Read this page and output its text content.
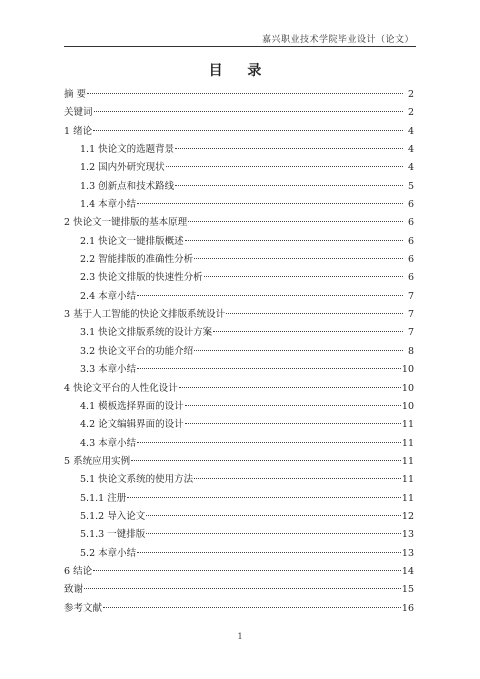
嘉兴职业技术学院毕业设计（论文）
目 录
摘 要	2
关键词	2
1 绪论	4
1.1 快论文的选题背景	4
1.2 国内外研究现状	4
1.3 创新点和技术路线	5
1.4 本章小结	6
2 快论文一键排版的基本原理	6
2.1 快论文一键排版概述	6
2.2 智能排版的准确性分析	6
2.3 快论文排版的快速性分析	6
2.4 本章小结	7
3 基于人工智能的快论文排版系统设计	7
3.1 快论文排版系统的设计方案	7
3.2 快论文平台的功能介绍	8
3.3 本章小结	10
4 快论文平台的人性化设计	10
4.1 模板选择界面的设计	10
4.2 论文编辑界面的设计	11
4.3 本章小结	11
5 系统应用实例	11
5.1 快论文系统的使用方法	11
5.1.1 注册	11
5.1.2 导入论文	12
5.1.3 一键排版	13
5.2 本章小结	13
6 结论	14
致谢	15
参考文献	16
1
